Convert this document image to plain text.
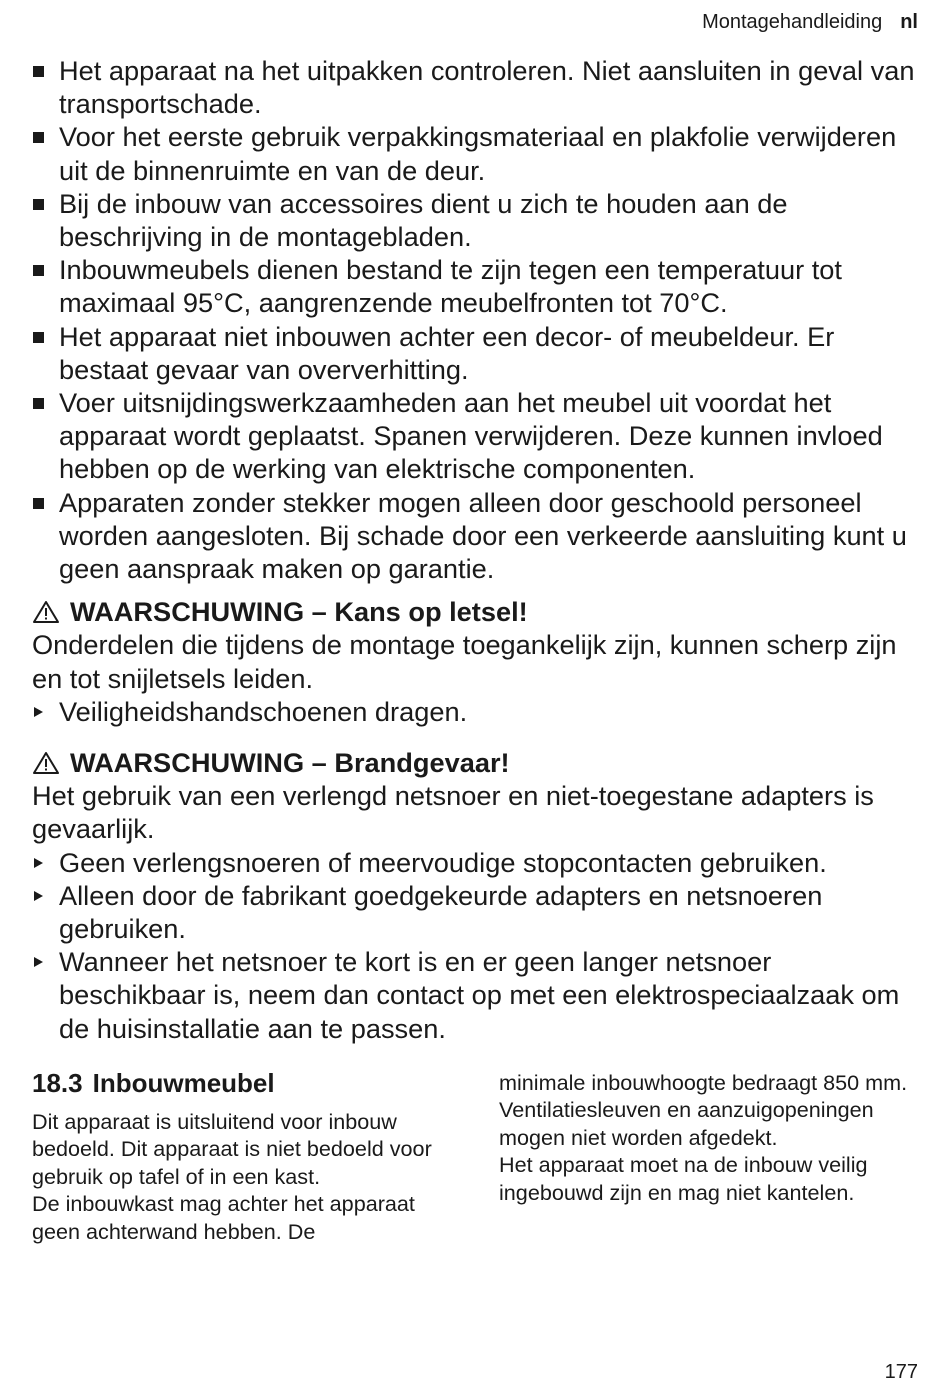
Montagehandleiding nl
Het apparaat na het uitpakken controleren. Niet aansluiten in geval van transportschade.
Voor het eerste gebruik verpakkingsmateriaal en plakfolie verwijderen uit de binnenruimte en van de deur.
Bij de inbouw van accessoires dient u zich te houden aan de beschrijving in de montagebladen.
Inbouwmeubels dienen bestand te zijn tegen een temperatuur tot maximaal 95°C, aangrenzende meubelfronten tot 70°C.
Het apparaat niet inbouwen achter een decor- of meubeldeur. Er bestaat gevaar van oververhitting.
Voer uitsnijdingswerkzaamheden aan het meubel uit voordat het apparaat wordt geplaatst. Spanen verwijderen. Deze kunnen invloed hebben op de werking van elektrische componenten.
Apparaten zonder stekker mogen alleen door geschoold personeel worden aangesloten. Bij schade door een verkeerde aansluiting kunt u geen aanspraak maken op garantie.
WAARSCHUWING – Kans op letsel!

Onderdelen die tijdens de montage toegankelijk zijn, kunnen scherp zijn en tot snijletsels leiden.

Veiligheidshandschoenen dragen.
WAARSCHUWING – Brandgevaar!

Het gebruik van een verlengd netsnoer en niet-toegestane adapters is gevaarlijk.

Geen verlengsnoeren of meervoudige stopcontacten gebruiken.
Alleen door de fabrikant goedgekeurde adapters en netsnoeren gebruiken.
Wanneer het netsnoer te kort is en er geen langer netsnoer beschikbaar is, neem dan contact op met een elektrospeciaalzaak om de huisinstallatie aan te passen.
18.3 Inbouwmeubel

Dit apparaat is uitsluitend voor inbouw bedoeld. Dit apparaat is niet bedoeld voor gebruik op tafel of in een kast.

De inbouwkast mag achter het apparaat geen achterwand hebben. De

minimale inbouwhoogte bedraagt 850 mm.

Ventilatiesleuven en aanzuigopeningen mogen niet worden afgedekt.

Het apparaat moet na de inbouw veilig ingebouwd zijn en mag niet kantelen.

177
